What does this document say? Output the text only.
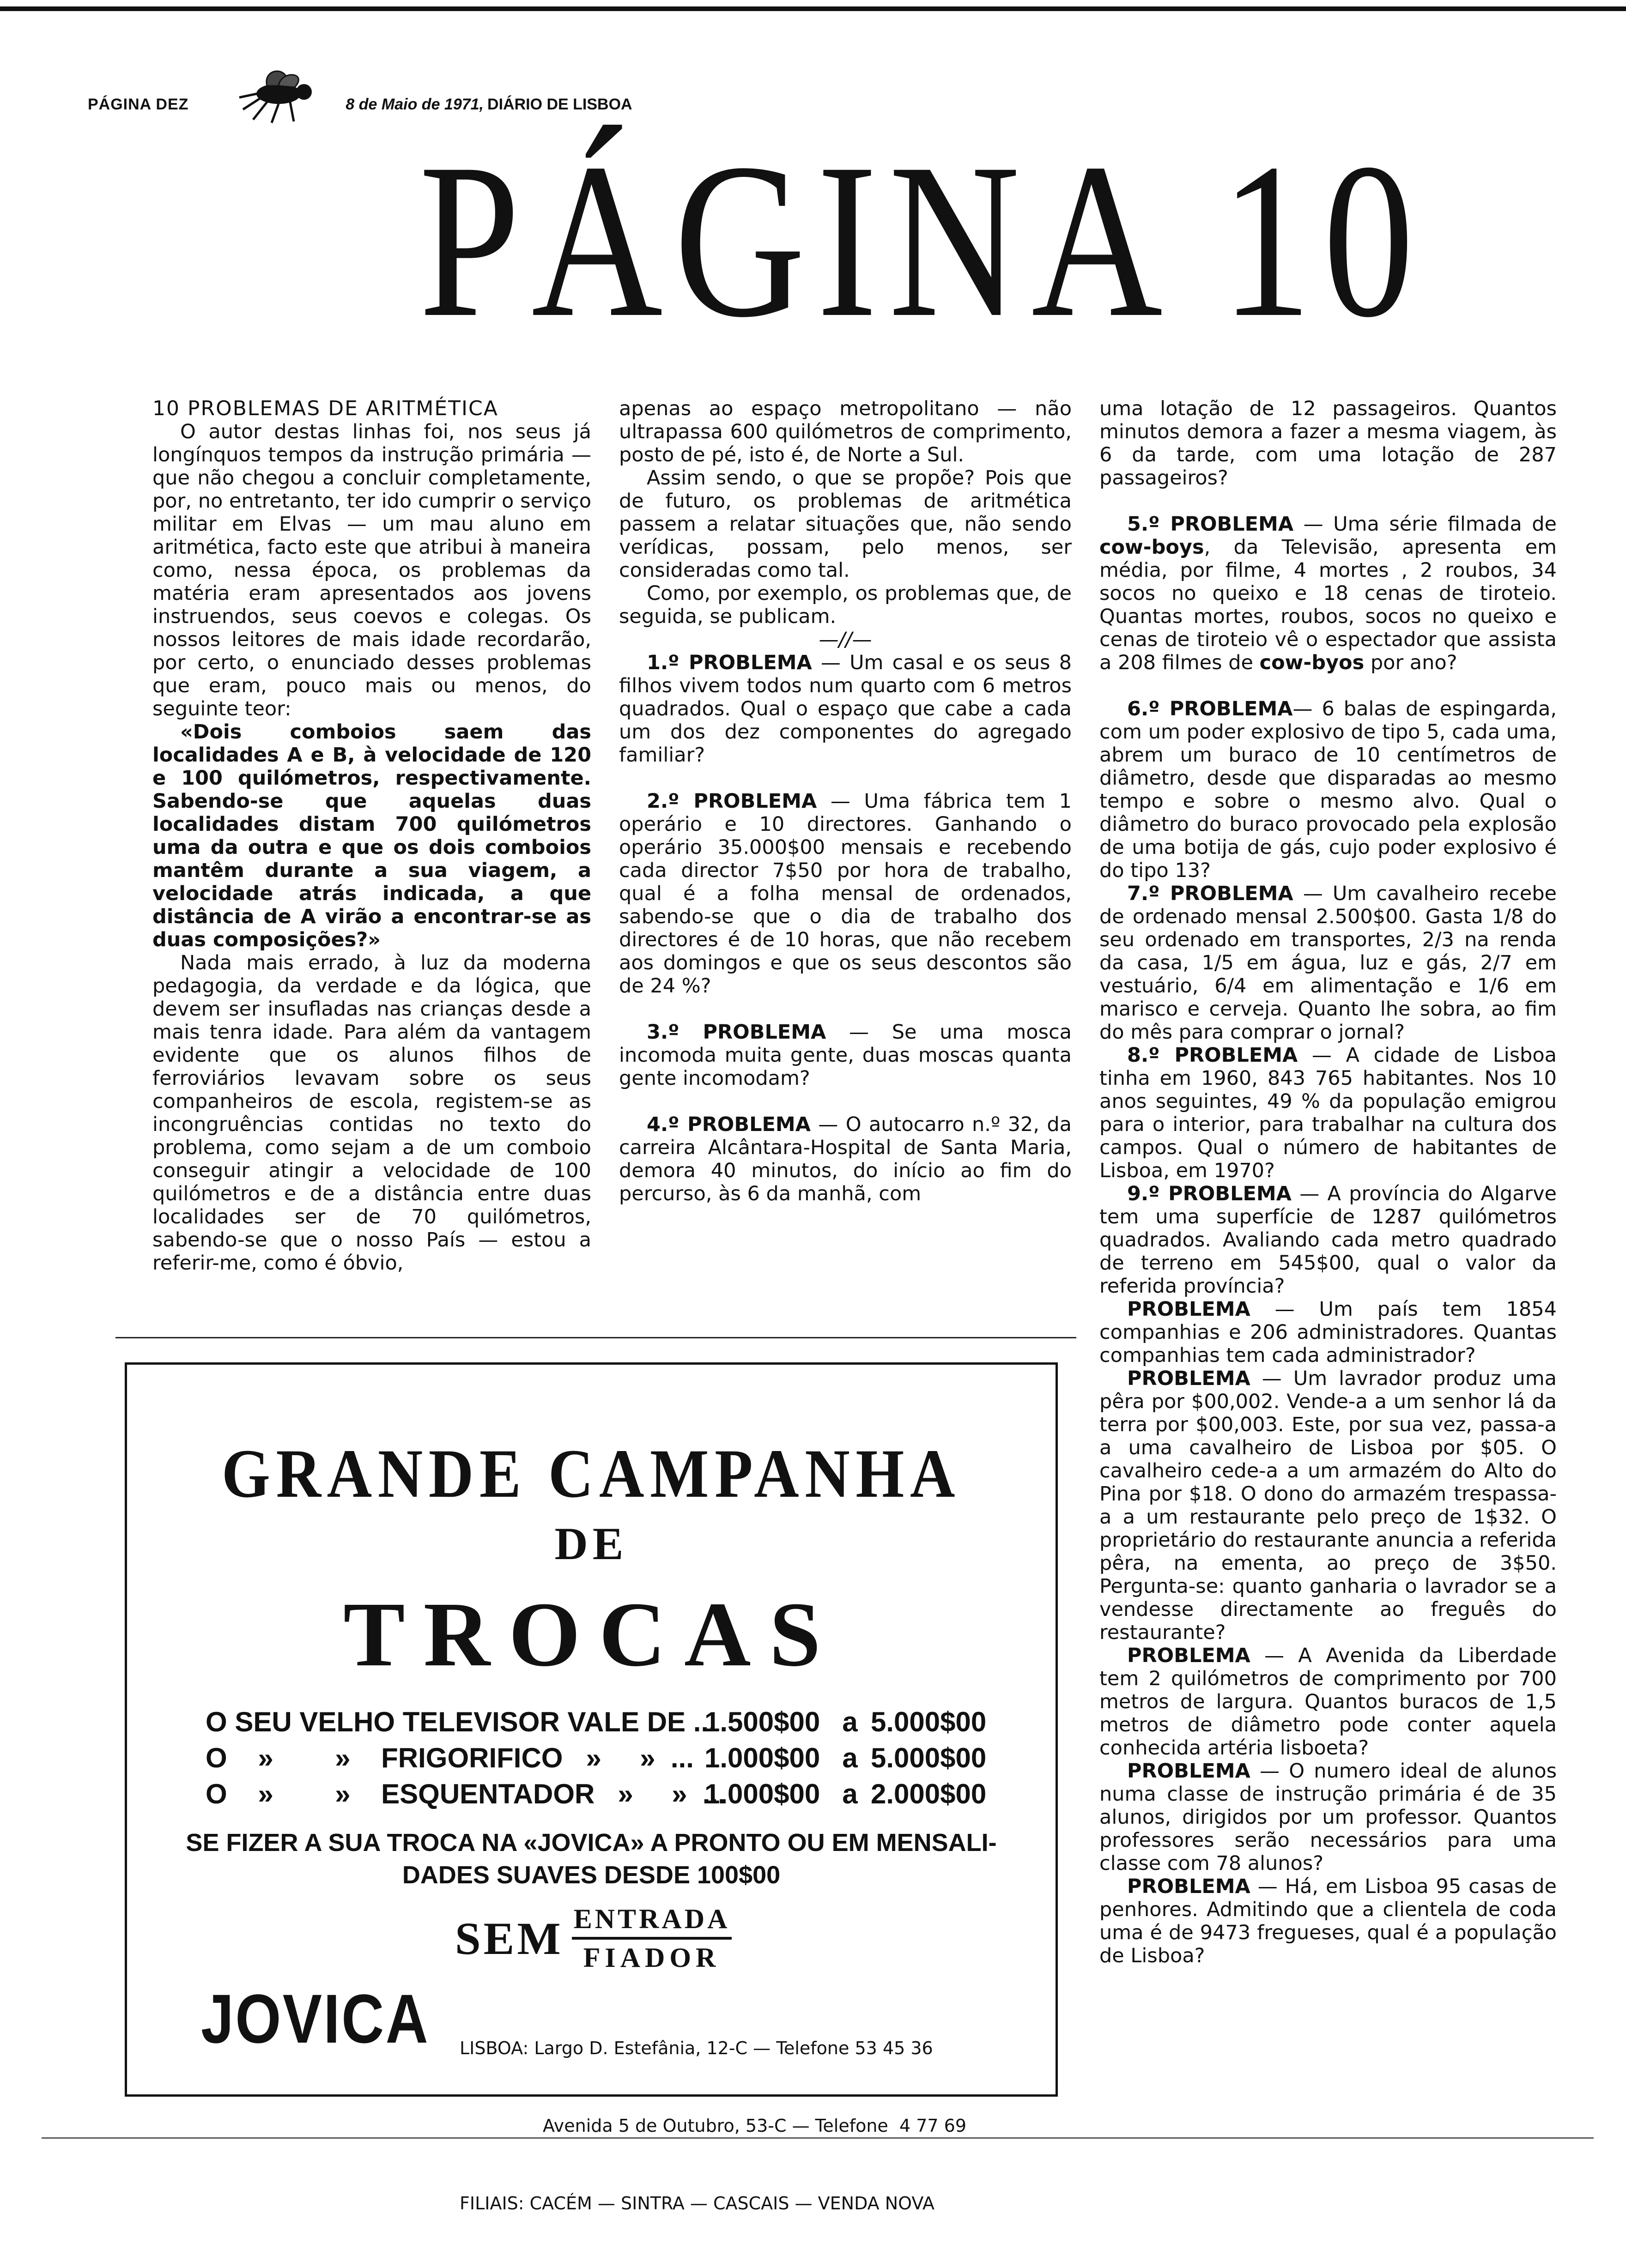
PÁGINA DEZ	8 de Maio de 1971, DIÁRIO DE LISBOA
PÁGINA 10

10 PROBLEMAS DE ARITMÉTICA

O autor destas linhas foi, nos seus já longínquos tempos da instrução primária — que não chegou a concluir completamente, por, no entretanto, ter ido cumprir o serviço militar em Elvas — um mau aluno em aritmética, facto este que atribui à maneira como, nessa época, os problemas da matéria eram apresentados aos jovens instruendos, seus coevos e colegas. Os nossos leitores de mais idade recordarão, por certo, o enunciado desses problemas que eram, pouco mais ou menos, do seguinte teor:

«Dois comboios saem das localidades A e B, à velocidade de 120 e 100 quilómetros, respectivamente. Sabendo-se que aquelas duas localidades distam 700 quilómetros uma da outra e que os dois comboios mantêm durante a sua viagem, a velocidade atrás indicada, a que distância de A virão a encontrar-se as duas composições?»

Nada mais errado, à luz da moderna pedagogia, da verdade e da lógica, que devem ser insufladas nas crianças desde a mais tenra idade. Para além da vantagem evidente que os alunos filhos de ferroviários levavam sobre os seus companheiros de escola, registem-se as incongruências contidas no texto do problema, como sejam a de um comboio conseguir atingir a velocidade de 100 quilómetros e de a distância entre duas localidades ser de 70 quilómetros, sabendo-se que o nosso País — estou a referir-me, como é óbvio,

apenas ao espaço metropolitano — não ultrapassa 600 quilómetros de comprimento, posto de pé, isto é, de Norte a Sul.

Assim sendo, o que se propõe? Pois que de futuro, os problemas de aritmética passem a relatar situações que, não sendo verídicas, possam, pelo menos, ser consideradas como tal.

Como, por exemplo, os problemas que, de seguida, se publicam.

—//—

1.º PROBLEMA — Um casal e os seus 8 filhos vivem todos num quarto com 6 metros quadrados. Qual o espaço que cabe a cada um dos dez componentes do agregado familiar?

2.º PROBLEMA — Uma fábrica tem 1 operário e 10 directores. Ganhando o operário 35.000$00 mensais e recebendo cada director 7$50 por hora de trabalho, qual é a folha mensal de ordenados, sabendo-se que o dia de trabalho dos directores é de 10 horas, que não recebem aos domingos e que os seus descontos são de 24 %?

3.º PROBLEMA — Se uma mosca incomoda muita gente, duas moscas quanta gente incomodam?

4.º PROBLEMA — O autocarro n.º 32, da carreira Alcântara-Hospital de Santa Maria, demora 40 minutos, do início ao fim do percurso, às 6 da manhã, com

uma lotação de 12 passageiros. Quantos minutos demora a fazer a mesma viagem, às 6 da tarde, com uma lotação de 287 passageiros?

5.º PROBLEMA — Uma série filmada de cow-boys, da Televisão, apresenta em média, por filme, 4 mortes , 2 roubos, 34 socos no queixo e 18 cenas de tiroteio. Quantas mortes, roubos, socos no queixo e cenas de tiroteio vê o espectador que assista a 208 filmes de cow-byos por ano?

6.º PROBLEMA— 6 balas de espingarda, com um poder explosivo de tipo 5, cada uma, abrem um buraco de 10 centímetros de diâmetro, desde que disparadas ao mesmo tempo e sobre o mesmo alvo. Qual o diâmetro do buraco provocado pela explosão de uma botija de gás, cujo poder explosivo é do tipo 13?

7.º PROBLEMA — Um cavalheiro recebe de ordenado mensal 2.500$00. Gasta 1/8 do seu ordenado em transportes, 2/3 na renda da casa, 1/5 em água, luz e gás, 2/7 em vestuário, 6/4 em alimentação e 1/6 em marisco e cerveja. Quanto lhe sobra, ao fim do mês para comprar o jornal?

8.º PROBLEMA — A cidade de Lisboa tinha em 1960, 843 765 habitantes. Nos 10 anos seguintes, 49 % da população emigrou para o interior, para trabalhar na cultura dos campos. Qual o número de habitantes de Lisboa, em 1970?

9.º PROBLEMA — A província do Algarve tem uma superfície de 1287 quilómetros quadrados. Avaliando cada metro quadrado de terreno em 545$00, qual o valor da referida província?

PROBLEMA — Um país tem 1854 companhias e 206 administradores. Quantas companhias tem cada administrador?

PROBLEMA — Um lavrador produz uma pêra por $00,002. Vende-a a um senhor lá da terra por $00,003. Este, por sua vez, passa-a a uma cavalheiro de Lisboa por $05. O cavalheiro cede-a a um armazém do Alto do Pina por $18. O dono do armazém trespassa-a a um restaurante pelo preço de 1$32. O proprietário do restaurante anuncia a referida pêra, na ementa, ao preço de 3$50. Pergunta-se: quanto ganharia o lavrador se a vendesse directamente ao freguês do restaurante?

PROBLEMA — A Avenida da Liberdade tem 2 quilómetros de comprimento por 700 metros de largura. Quantos buracos de 1,5 metros de diâmetro pode conter aquela conhecida artéria lisboeta?

PROBLEMA — O numero ideal de alunos numa classe de instrução primária é de 35 alunos, dirigidos por um professor. Quantos professores serão necessários para uma classe com 78 alunos?

PROBLEMA — Há, em Lisboa 95 casas de penhores. Admitindo que a clientela de coda uma é de 9473 fregueses, qual é a população de Lisboa?

GRANDE CAMPANHA
DE
TROCAS
O SEU VELHO TELEVISOR VALE DE ...
1.500$00 a 5.000$00
O    »        »    FRIGORIFICO   »     »  ... 1.000$00 a 5.000$00
O    »        »    ESQUENTADOR   »     »  ...
1.000$00 a 2.000$00
SE FIZER A SUA TROCA NA «JOVICA» A PRONTO OU EM MENSALI-
DADES SUAVES DESDE 100$00
SEM $\frac{\text{ENTRADA}}{\text{FIADOR}}$
JOVICA

LISBOA: Largo D. Estefânia, 12-C — Telefone 53 45 36

Avenida 5 de Outubro, 53-C — Telefone  4 77 69

FILIAIS: CACÉM — SINTRA — CASCAIS — VENDA NOVA
